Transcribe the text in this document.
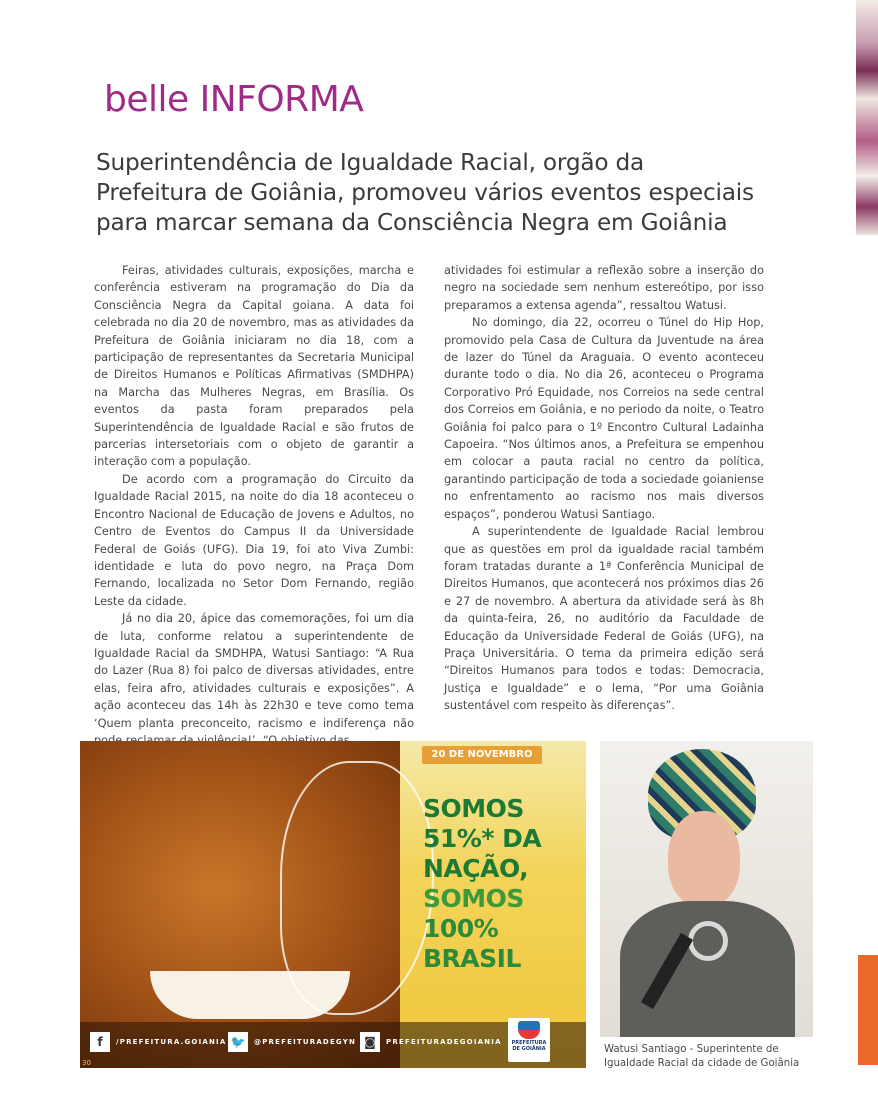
belle INFORMA
Superintendência de Igualdade Racial, orgão da Prefeitura de Goiânia, promoveu vários eventos especiais para marcar semana da Consciência Negra em Goiânia

Feiras, atividades culturais, exposições, marcha e conferência estiveram na programação do Dia da Consciência Negra da Capital goiana. A data foi celebrada no dia 20 de novembro, mas as atividades da Prefeitura de Goiânia iniciaram no dia 18, com a participação de representantes da Secretaria Municipal de Direitos Humanos e Políticas Afirmativas (SMDHPA) na Marcha das Mulheres Negras, em Brasília. Os eventos da pasta foram preparados pela Superintendência de Igualdade Racial e são frutos de parcerias intersetoriais com o objeto de garantir a interação com a população.

De acordo com a programação do Circuito da Igualdade Racial 2015, na noite do dia 18 aconteceu o Encontro Nacional de Educação de Jovens e Adultos, no Centro de Eventos do Campus II da Universidade Federal de Goiás (UFG). Dia 19, foi ato Viva Zumbi: identidade e luta do povo negro, na Praça Dom Fernando, localizada no Setor Dom Fernando, região Leste da cidade.

Já no dia 20, ápice das comemorações, foi um dia de luta, conforme relatou a superintendente de Igualdade Racial da SMDHPA, Watusi Santiago: “A Rua do Lazer (Rua 8) foi palco de diversas atividades, entre elas, feira afro, atividades culturais e exposições”. A ação aconteceu das 14h às 22h30 e teve como tema ‘Quem planta preconceito, racismo e indiferença não

atividades foi estimular a reflexão sobre a inserção do negro na sociedade sem nenhum estereótipo, por isso preparamos a extensa agenda”, ressaltou Watusi.

No domingo, dia 22, ocorreu o Túnel do Hip Hop, promovido pela Casa de Cultura da Juventude na área de lazer do Túnel da Araguaia. O evento aconteceu durante todo o dia. No dia 26, aconteceu o Programa Corporativo Pró Equidade, nos Correios na sede central dos Correios em Goiânia, e no periodo da noite, o Teatro Goiânia foi palco para o 1º Encontro Cultural Ladainha Capoeira. “Nos últimos anos, a Prefeitura se empenhou em colocar a pauta racial no centro da política, garantindo participação de toda a sociedade goianiense no enfrentamento ao racismo nos mais diversos espaços”, ponderou Watusi Santiago.

A superintendente de Igualdade Racial lembrou que as questões em prol da igualdade racial também foram tratadas durante a 1ª Conferência Municipal de Direitos Humanos, que acontecerá nos próximos dias 26 e 27 de novembro. A abertura da atividade será às 8h da quinta-feira, 26, no auditório da Faculdade de Educação da Universidade Federal de Goiás (UFG), na Praça Universitária. O tema da primeira edição será “Direitos Humanos para todos e todas: Democracia, Justiça e Igualdade” e o lema, “Por uma Goiânia sustentável com respeito às diferenças”.

20 DE NOVEMBRO

SOMOS
51%* DA
NAÇÃO,
SOMOS
100%
BRASIL

f	/PREFEITURA.GOIANIA 🐦	@PREFEITURADEGYN ◙	PREFEITURADEGOIANIA	PREFEITURA DE GOIÂNIA
30

Watusi Santiago - Superintente de Igualdade Racial da cidade de Goiânia
